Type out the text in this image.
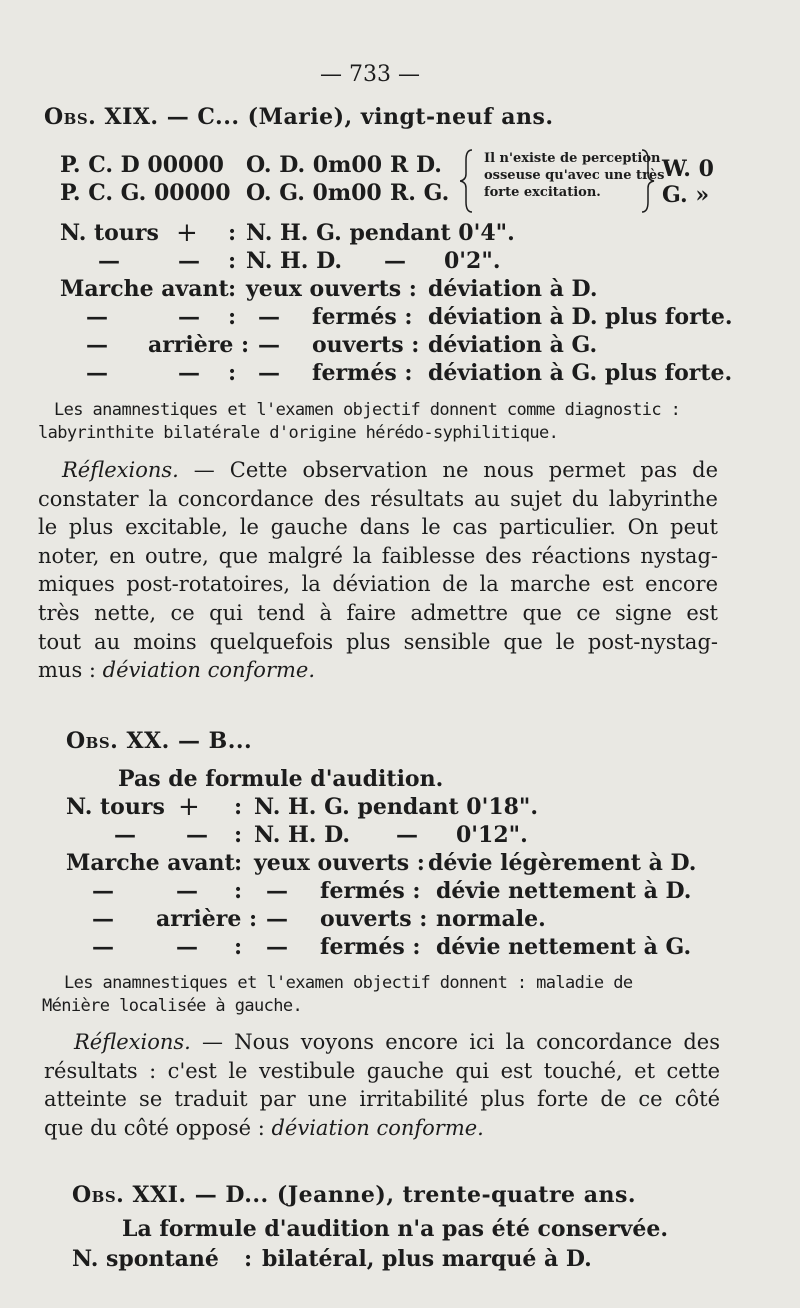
— 733 —
Obs. XIX. — C... (Marie), vingt-neuf ans.
P. C. D 00000 O. D. 0m00 R D.
P. C. G. 00000 O. G. 0m00 R. G.
Il n'existe de perception
osseuse qu'avec une très
forte excitation.
W. 0
G. »
N. tours + : N. H. G. pendant 0'4".
—	— : N. H. D. — 0'2".
Marche avant : yeux ouverts : déviation à D.
—	— : — fermés : déviation à D. plus forte.
— arrière : — ouverts : déviation à G.
—	— : — fermés : déviation à G. plus forte.
Les anamnestiques et l'examen objectif donnent comme diagnostic :
labyrinthite bilatérale d'origine hérédo-syphilitique.
Réflexions. — Cette observation ne nous permet pas de
constater la concordance des résultats au sujet du labyrinthe
le plus excitable, le gauche dans le cas particulier. On peut
noter, en outre, que malgré la faiblesse des réactions nystag-
miques post-rotatoires, la déviation de la marche est encore
très nette, ce qui tend à faire admettre que ce signe est
tout au moins quelquefois plus sensible que le post-nystag-
mus : déviation conforme.
Obs. XX. — B...
Pas de formule d'audition.
N. tours + : N. H. G. pendant 0'18".
— — : N. H. D. — 0'12".
Marche avant : yeux ouverts : dévie légèrement à D.
—	— : — fermés : dévie nettement à D.
— arrière : — ouverts : normale.
—	— : — fermés : dévie nettement à G.
Les anamnestiques et l'examen objectif donnent : maladie de
Ménière localisée à gauche.
Réflexions. — Nous voyons encore ici la concordance des
résultats : c'est le vestibule gauche qui est touché, et cette
atteinte se traduit par une irritabilité plus forte de ce côté
que du côté opposé : déviation conforme.
Obs. XXI. — D... (Jeanne), trente-quatre ans.
La formule d'audition n'a pas été conservée.
N. spontané : bilatéral, plus marqué à D.
